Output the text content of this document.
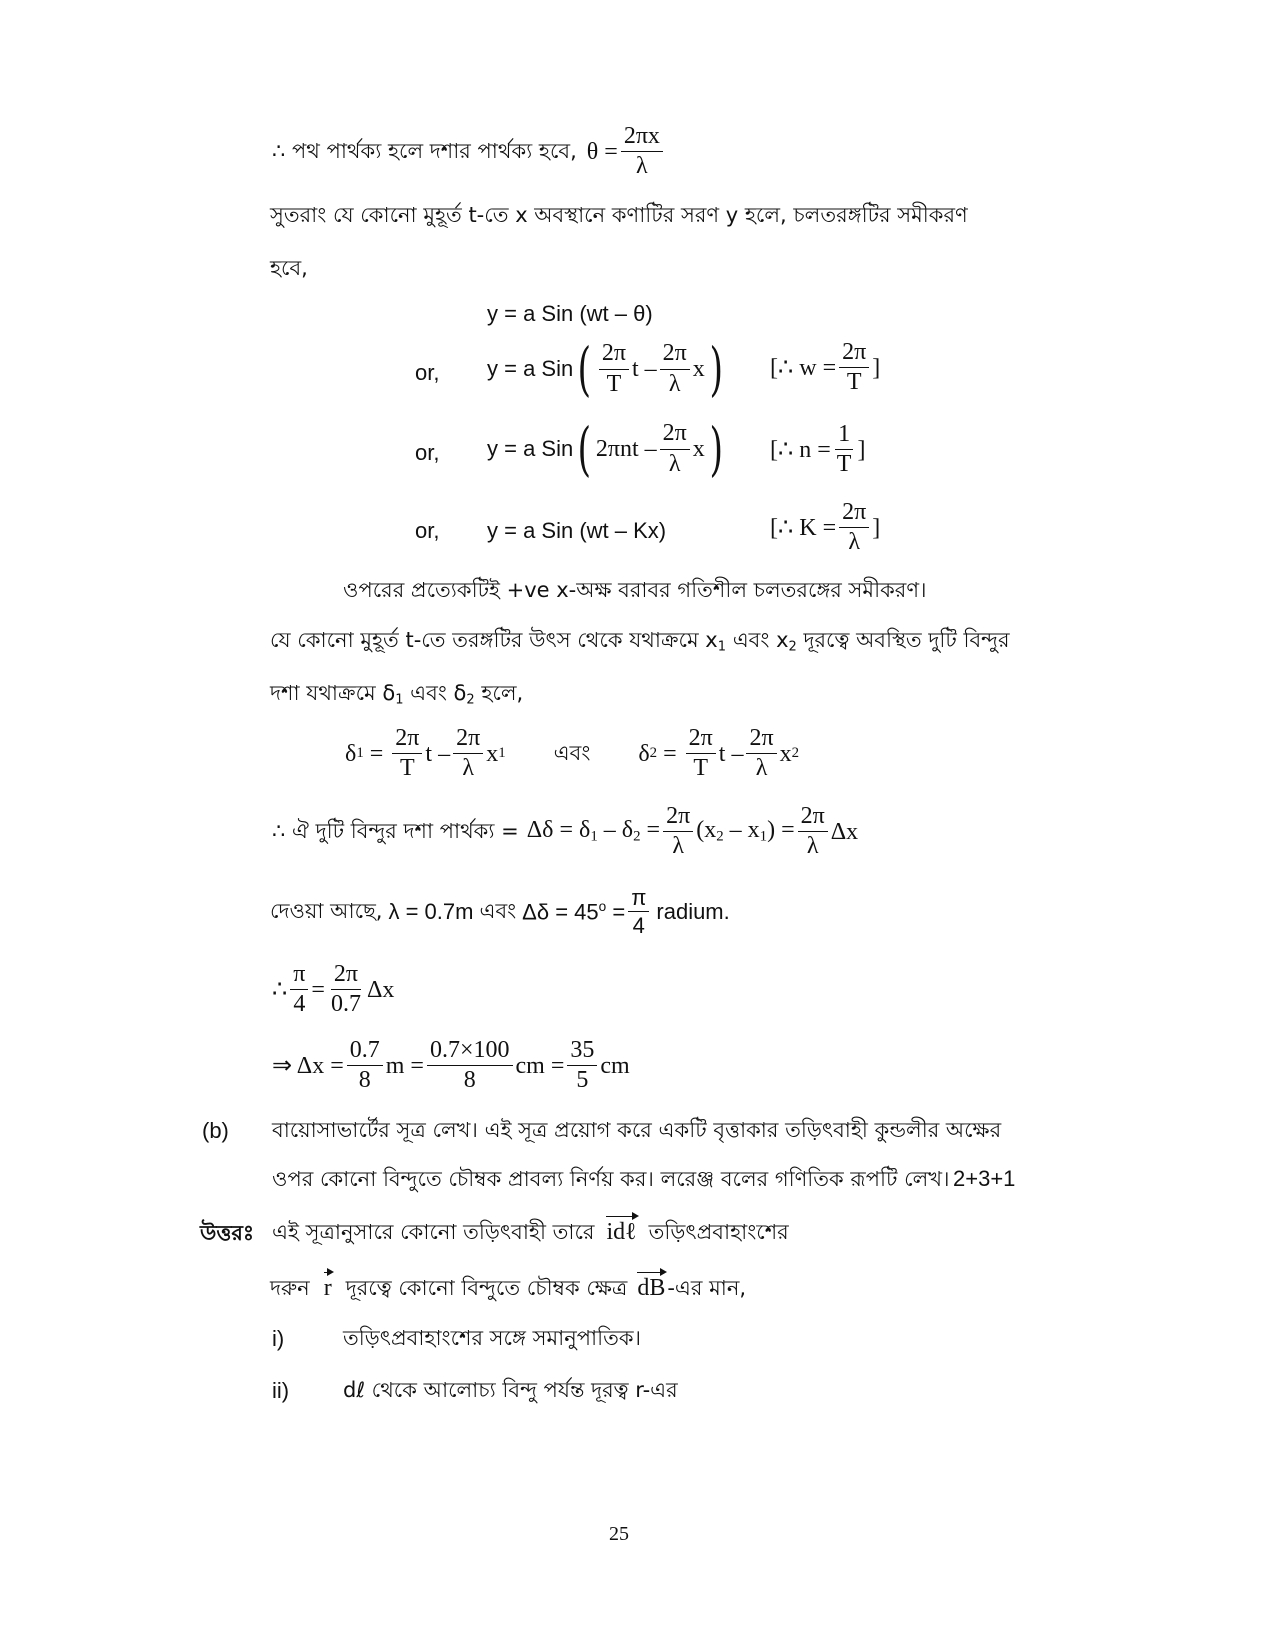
∴ পথ পার্থক্য হলে দশার পার্থক্য হবে, $\theta = \frac{2\pi x}{\lambda}$
সুতরাং যে কোনো মুহূর্ত t-তে x অবস্থানে কণাটির সরণ y হলে, চলতরঙ্গটির সমীকরণ
হবে,
y = a Sin (wt – θ)
or, y = a Sin ( $\frac{2\pi}{T}$ t – $\frac{2\pi}{\lambda}$ x ) [∴ $w = \frac{2\pi}{T}$ ]
or, y = a Sin ( $2\pi nt - \frac{2\pi}{\lambda}$ x ) [∴ $n = \frac{1}{T}$ ]
or, y = a Sin (wt – Kx)	[∴ $K = \frac{2\pi}{\lambda}$ ]
ওপরের প্রত্যেকটিই +ve x-অক্ষ বরাবর গতিশীল চলতরঙ্গের সমীকরণ।
যে কোনো মুহূর্ত t-তে তরঙ্গটির উৎস থেকে যথাক্রমে $x_1$ এবং $x_2$ দূরত্বে অবস্থিত দুটি বিন্দুর
দশা যথাক্রমে $\delta_1$ এবং $\delta_2$ হলে,
δ $1 = \frac{2\pi}{T}$ t – $\frac{2\pi}{\lambda}$ x 1 এবং δ $2 = \frac{2\pi}{T}$ t – $\frac{2\pi}{\lambda}$ x 2
∴ ঐ দুটি বিন্দুর দশা পার্থক্য = $\Delta\delta = \delta_1 - \delta_2 = \frac{2\pi}{\lambda} (x_2 - x_1) = \frac{2\pi}{\lambda}$ Δx
দেওয়া আছে, λ = 0.7m এবং $\Delta\delta = 45^o = \frac{\pi}{4}$ radium.
∴ $\frac{\pi}{4} = \frac{2\pi}{0.7}$ Δx
⇒ $\Delta x = \frac{0.7}{8}$ $m = \frac{0.7\times 100}{8}$ cm = $\frac{35}{5}$ cm
(b) বায়োসাভার্টের সূত্র লেখ। এই সূত্র প্রয়োগ করে একটি বৃত্তাকার তড়িৎবাহী কুন্ডলীর অক্ষের
ওপর কোনো বিন্দুতে চৌম্বক প্রাবল্য নির্ণয় কর। লরেঞ্জ বলের গণিতিক রূপটি লেখ। 2+3+1
উত্তরঃ এই সূত্রানুসারে কোনো তড়িৎবাহী তারে idℓ তড়িৎপ্রবাহাংশের
দরুন r দূরত্বে কোনো বিন্দুতে চৌম্বক ক্ষেত্র dB -এর মান,
i)	তড়িৎপ্রবাহাংশের সঙ্গে সমানুপাতিক।
ii)	dℓ থেকে আলোচ্য বিন্দু পর্যন্ত দূরত্ব r-এর
25
